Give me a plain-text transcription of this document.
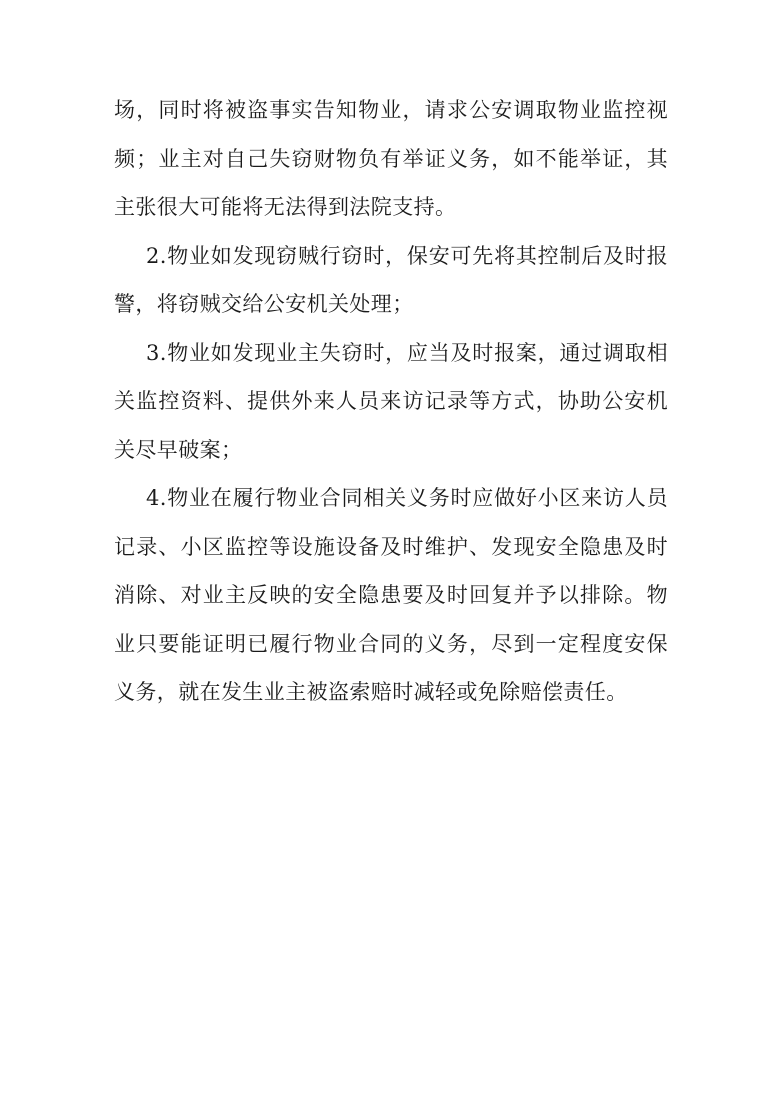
场，同时将被盗事实告知物业，请求公安调取物业监控视频；业主对自己失窃财物负有举证义务，如不能举证，其主张很大可能将无法得到法院支持。

2.物业如发现窃贼行窃时，保安可先将其控制后及时报警，将窃贼交给公安机关处理；

3.物业如发现业主失窃时，应当及时报案，通过调取相关监控资料、提供外来人员来访记录等方式，协助公安机关尽早破案；

4.物业在履行物业合同相关义务时应做好小区来访人员记录、小区监控等设施设备及时维护、发现安全隐患及时消除、对业主反映的安全隐患要及时回复并予以排除。物业只要能证明已履行物业合同的义务，尽到一定程度安保义务，就在发生业主被盗索赔时减轻或免除赔偿责任。
